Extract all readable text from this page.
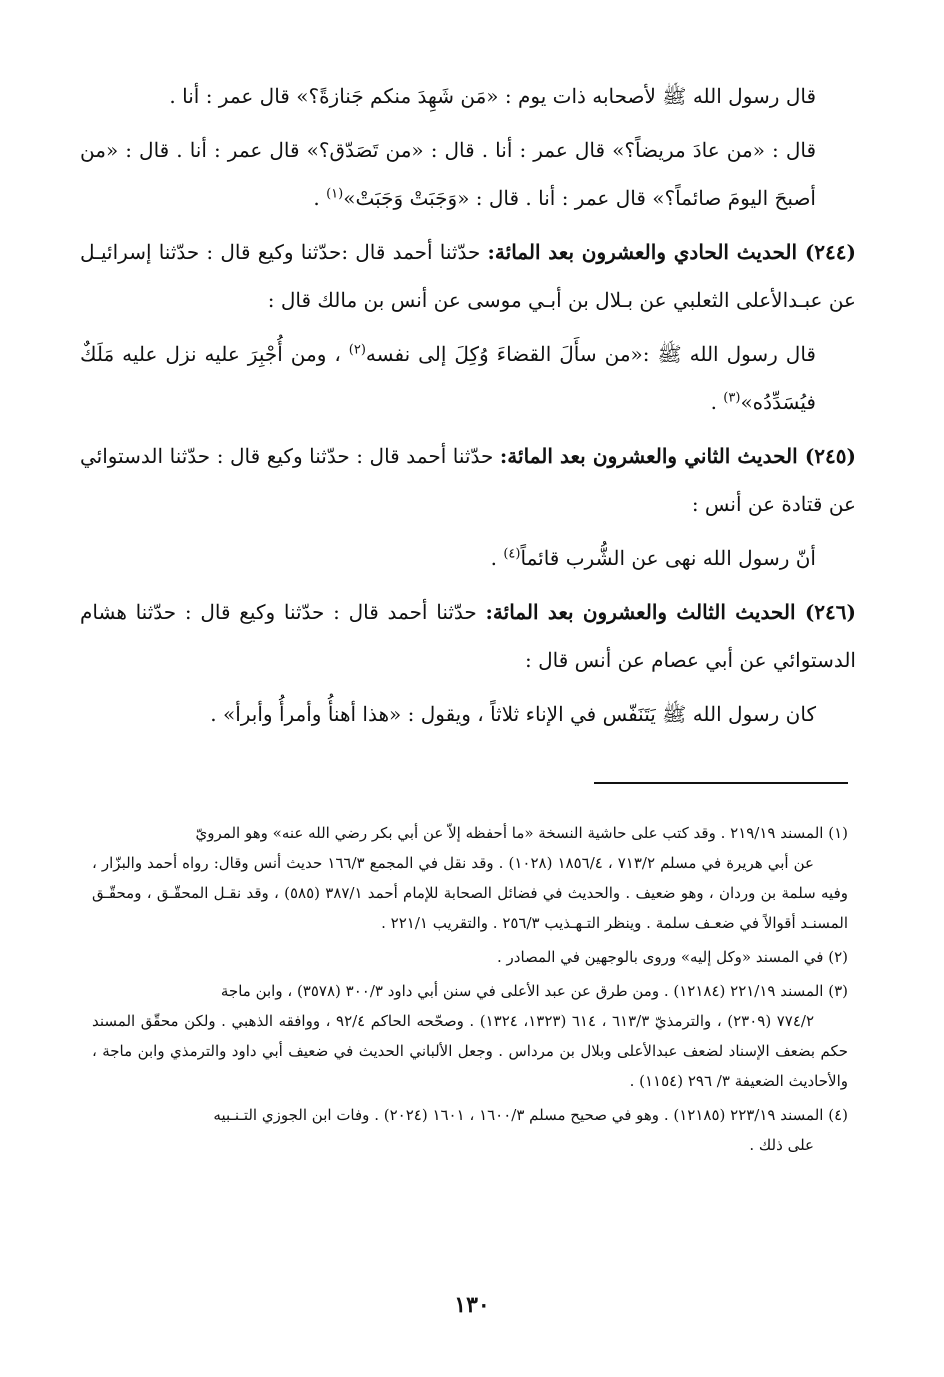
قال رسول الله ﷺ لأصحابه ذات يوم : «مَن شَهِدَ منكم جَنازةً؟» قال عمر : أنا .

قال : «من عادَ مريضاً؟» قال عمر : أنا . قال : «من تَصَدّق؟» قال عمر : أنا . قال : «من أصبحَ اليومَ صائماً؟» قال عمر : أنا . قال : «وَجَبَتْ وَجَبَتْ»$^{(١)}$ .

(٢٤٤) الحديث الحادي والعشرون بعد المائة: حدّثنا أحمد قال :حدّثنا وكيع قال : حدّثنا إسرائيـل عن عبـدالأعلى الثعلبي عن بـلال بن أبـي موسى عن أنس بن مالك قال :

قال رسول الله ﷺ :«من سأَلَ القضاءَ وُكِلَ إلى نفسه$^{(٢)}$ ، ومن أُجْبِرَ عليه نزل عليه مَلَكٌ فيُسَدِّدُه»$^{(٣)}$ .

(٢٤٥) الحديث الثاني والعشرون بعد المائة: حدّثنا أحمد قال : حدّثنا وكيع قال : حدّثنا الدستوائي عن قتادة عن أنس :

أنّ رسول الله نهى عن الشُّرب قائماً$^{(٤)}$ .

(٢٤٦) الحديث الثالث والعشرون بعد المائة: حدّثنا أحمد قال : حدّثنا وكيع قال : حدّثنا هشام الدستوائي عن أبي عصام عن أنس قال :

كان رسول الله ﷺ يَتَنَفّس في الإناء ثلاثاً ، ويقول : «هذا أهنأُ وأمرأُ وأبرأ» .

(١) المسند ٢١٩/١٩ . وقد كتب على حاشية النسخة «ما أحفظه إلاّ عن أبي بكر رضي الله عنه» وهو المرويّ
عن أبي هريرة في مسلم ٧١٣/٢ ، ١٨٥٦/٤ (١٠٢٨) . وقد نقل في المجمع ١٦٦/٣ حديث أنس وقال: رواه أحمد والبزّار ، وفيه سلمة بن وردان ، وهو ضعيف . والحديث في فضائل الصحابة للإمام أحمد ٣٨٧/١ (٥٨٥) ، وقد نقـل المحقّـق ، ومحقّـق المسنـد أقوالاً في ضعـف سلمة . وينظر التـهـذيب ٢٥٦/٣ . والتقريب ٢٢١/١ .

(٢) في المسند «وكل إليه» وروى بالوجهين في المصادر .

(٣) المسند ٢٢١/١٩ (١٢١٨٤) . ومن طرق عن عبد الأعلى في سنن أبي داود ٣٠٠/٣ (٣٥٧٨) ، وابن ماجة
٧٧٤/٢ (٢٣٠٩) ، والترمذيّ ٦١٣/٣ ، ٦١٤ (١٣٢٣، ١٣٢٤) . وصحّحه الحاكم ٩٢/٤ ، ووافقه الذهبي . ولكن محقّق المسند حكم بضعف الإسناد لضعف عبدالأعلى وبلال بن مرداس . وجعل الألباني الحديث في ضعيف أبي داود والترمذي وابن ماجة ، والأحاديث الضعيفة ٣/ ٢٩٦ (١١٥٤) .

(٤) المسند ٢٢٣/١٩ (١٢١٨٥) . وهو في صحيح مسلم ١٦٠٠/٣ ، ١٦٠١ (٢٠٢٤) . وفات ابن الجوزي التـنـبيه
على ذلك .

١٣٠
